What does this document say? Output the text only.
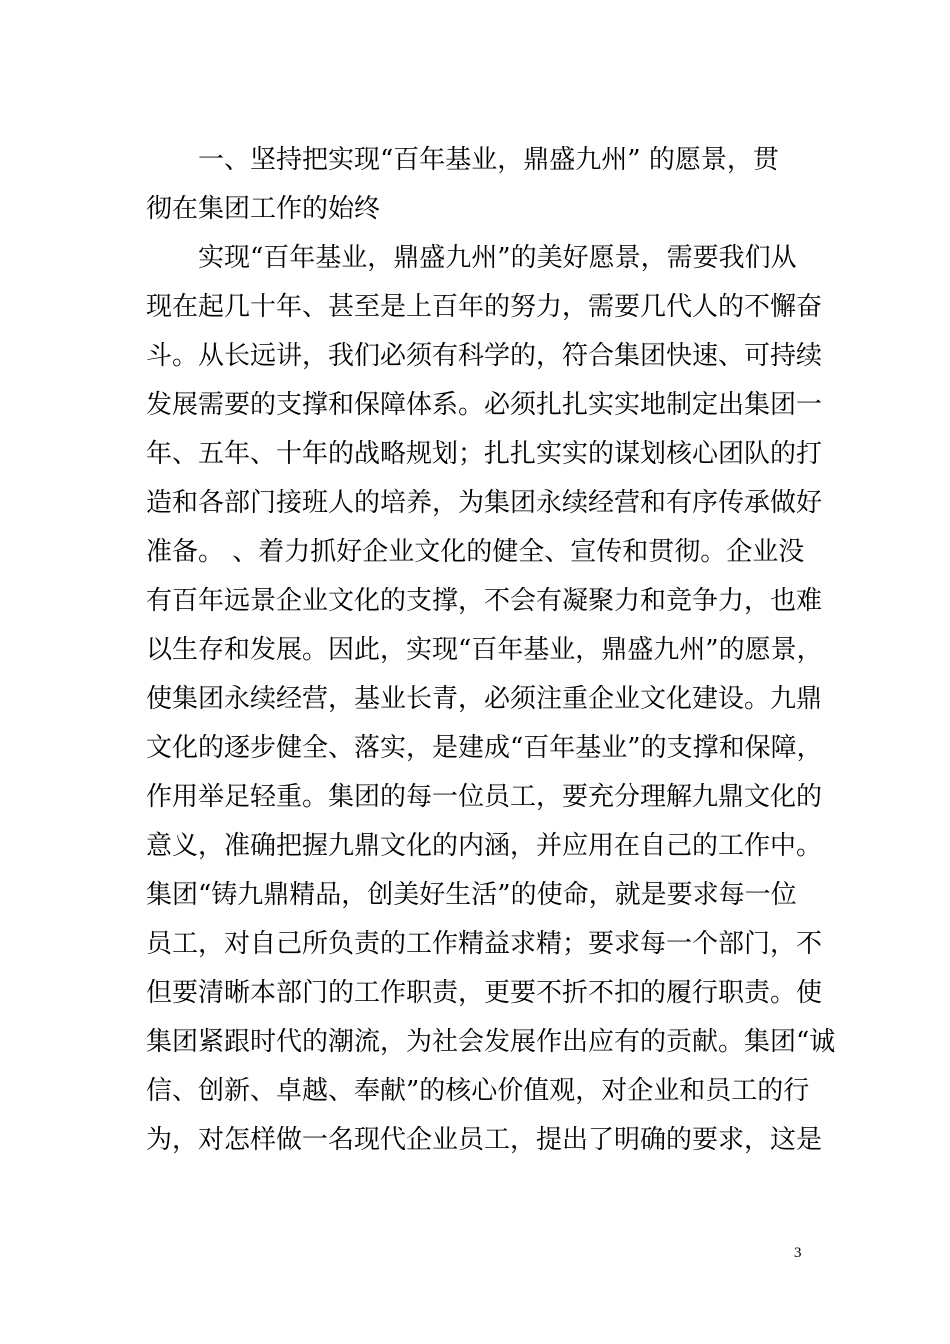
　　一、坚持把实现“百年基业，鼎盛九州” 的愿景，贯
彻在集团工作的始终
　　实现“百年基业，鼎盛九州”的美好愿景，需要我们从
现在起几十年、甚至是上百年的努力，需要几代人的不懈奋
斗。从长远讲，我们必须有科学的，符合集团快速、可持续
发展需要的支撑和保障体系。必须扎扎实实地制定出集团一
年、五年、十年的战略规划；扎扎实实的谋划核心团队的打
造和各部门接班人的培养，为集团永续经营和有序传承做好
准备。 、着力抓好企业文化的健全、宣传和贯彻。企业没
有百年远景企业文化的支撑，不会有凝聚力和竞争力，也难
以生存和发展。因此，实现“百年基业，鼎盛九州”的愿景，
使集团永续经营，基业长青，必须注重企业文化建设。九鼎
文化的逐步健全、落实，是建成“百年基业”的支撑和保障，
作用举足轻重。集团的每一位员工，要充分理解九鼎文化的
意义，准确把握九鼎文化的内涵，并应用在自己的工作中。
集团“铸九鼎精品，创美好生活”的使命，就是要求每一位
员工，对自己所负责的工作精益求精；要求每一个部门，不
但要清晰本部门的工作职责，更要不折不扣的履行职责。使
集团紧跟时代的潮流，为社会发展作出应有的贡献。集团“诚
信、创新、卓越、奉献”的核心价值观，对企业和员工的行
为，对怎样做一名现代企业员工，提出了明确的要求，这是
3
